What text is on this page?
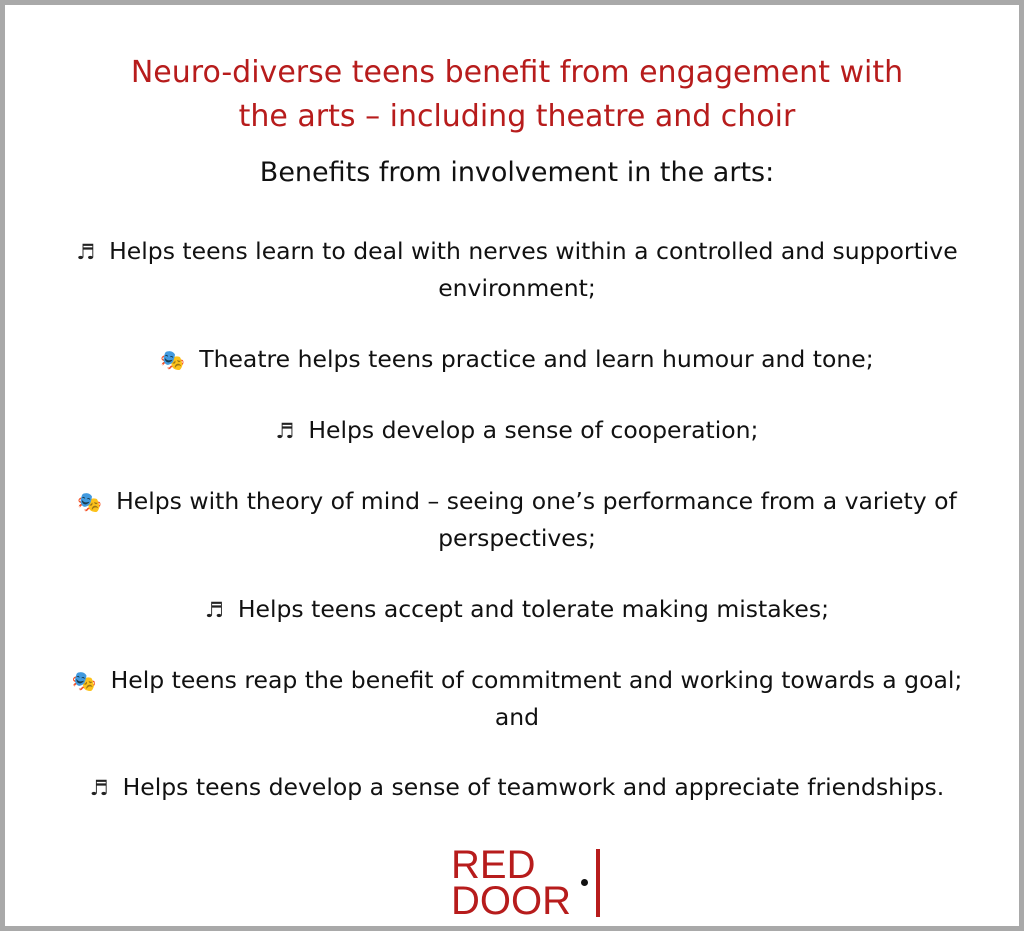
Neuro-diverse teens benefit from engagement with
the arts – including theatre and choir

Benefits from involvement in the arts:

♬ Helps teens learn to deal with nerves within a controlled and supportive
environment;

🎭 Theatre helps teens practice and learn humour and tone;

♬ Helps develop a sense of cooperation;

🎭 Helps with theory of mind – seeing one’s performance from a variety of
perspectives;

♬ Helps teens accept and tolerate making mistakes;

🎭 Help teens reap the benefit of commitment and working towards a goal;
and

♬ Helps teens develop a sense of teamwork and appreciate friendships.

RED
DOOR
